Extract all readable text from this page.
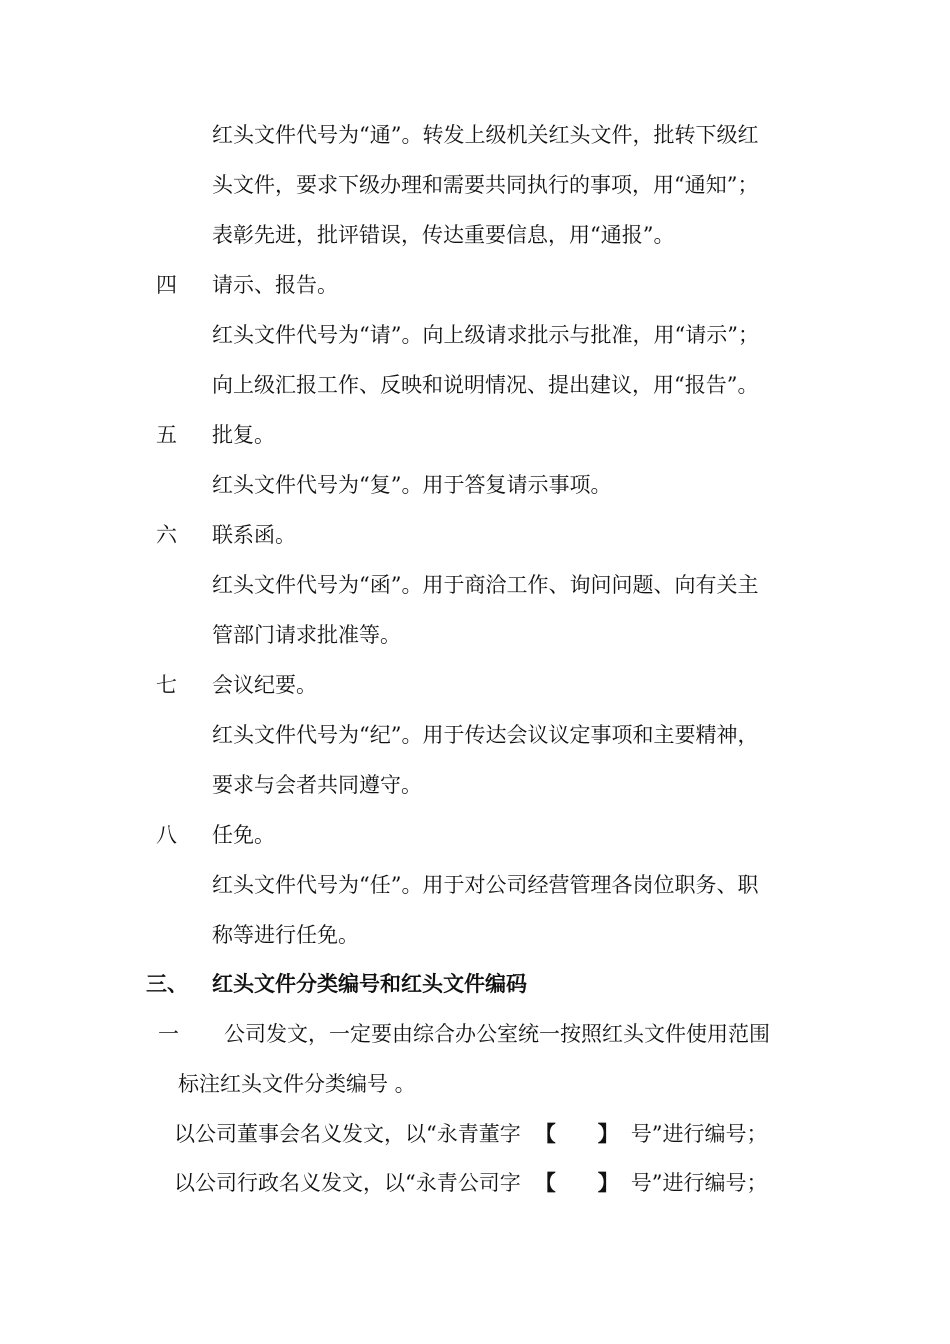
红头文件代号为“通”。转发上级机关红头文件，批转下级红
头文件，要求下级办理和需要共同执行的事项，用“通知”；
表彰先进，批评错误，传达重要信息，用“通报”。
四 请示、报告。
红头文件代号为“请”。向上级请求批示与批准，用“请示”；
向上级汇报工作、反映和说明情况、提出建议，用“报告”。
五 批复。
红头文件代号为“复”。用于答复请示事项。
六 联系函。
红头文件代号为“函”。用于商洽工作、询问问题、向有关主
管部门请求批准等。
七 会议纪要。
红头文件代号为“纪”。用于传达会议议定事项和主要精神，
要求与会者共同遵守。
八 任免。
红头文件代号为“任”。用于对公司经营管理各岗位职务、职
称等进行任免。
三、 红头文件分类编号和红头文件编码
一 公司发文，一定要由综合办公室统一按照红头文件使用范围
标注红头文件分类编号 。
以公司董事会名义发文，以“永青董字 【 】 号”进行编号；
以公司行政名义发文，以“永青公司字 【 】 号”进行编号；
